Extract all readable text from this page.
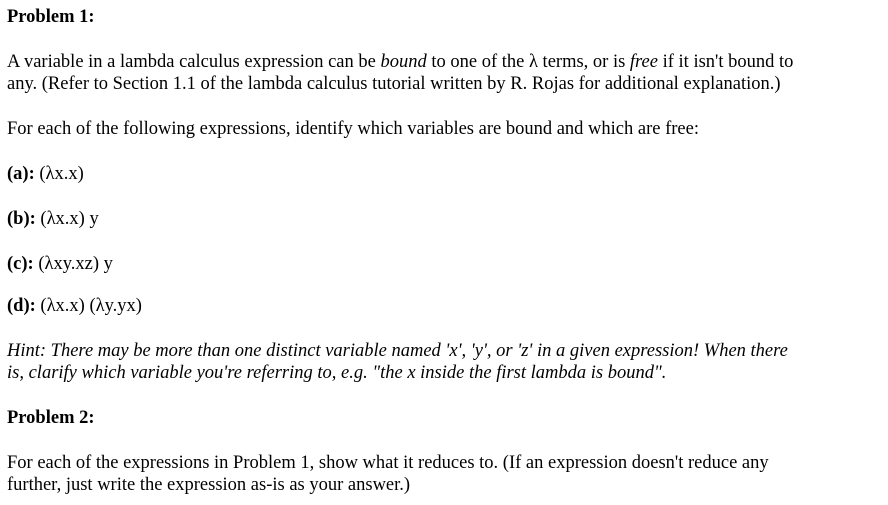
Problem 1:
A variable in a lambda calculus expression can be bound to one of the λ terms, or is free if it isn't bound to
any. (Refer to Section 1.1 of the lambda calculus tutorial written by R. Rojas for additional explanation.)
For each of the following expressions, identify which variables are bound and which are free:
(a): (λx.x)
(b): (λx.x) y
(c): (λxy.xz) y
(d): (λx.x) (λy.yx)
Hint: There may be more than one distinct variable named 'x', 'y', or 'z' in a given expression! When there
is, clarify which variable you're referring to, e.g. "the x inside the first lambda is bound".
Problem 2:
For each of the expressions in Problem 1, show what it reduces to. (If an expression doesn't reduce any
further, just write the expression as-is as your answer.)
